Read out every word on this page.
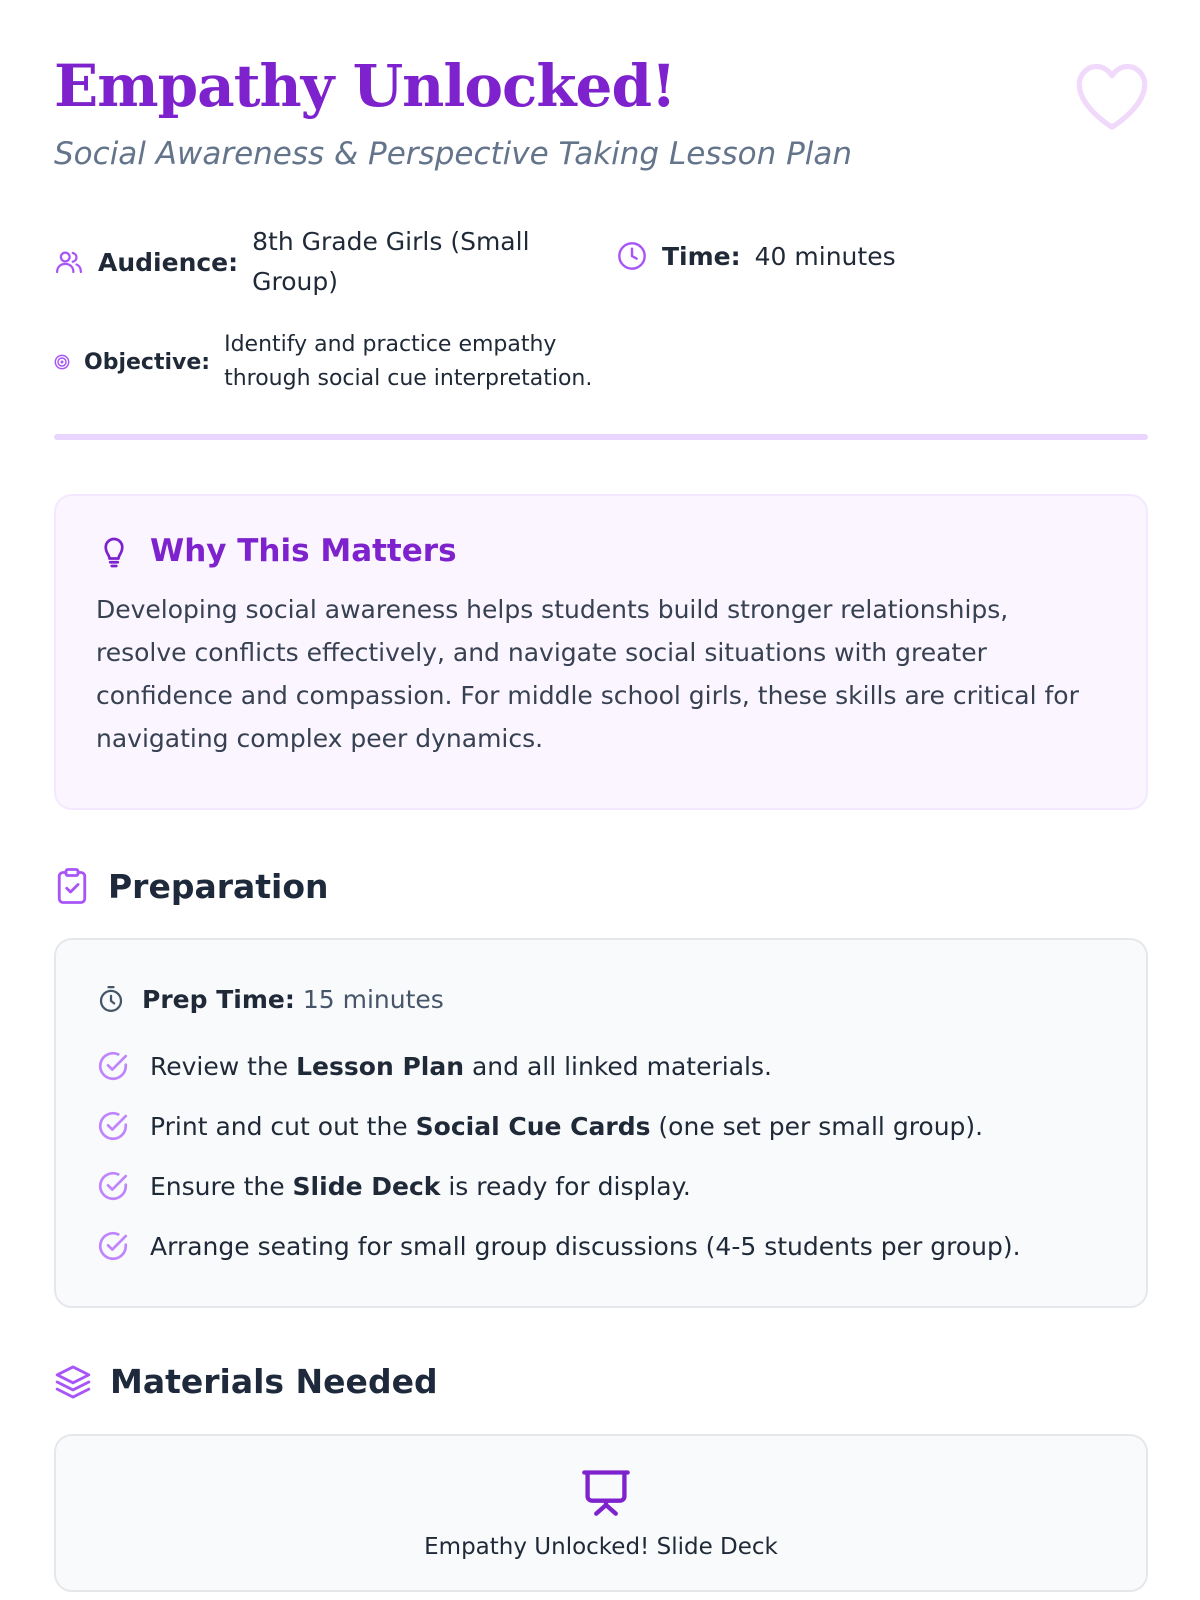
Empathy Unlocked!
Social Awareness & Perspective Taking Lesson Plan
Audience:
8th Grade Girls (Small Group)
Time: 40 minutes
Objective:
Identify and practice empathy through social cue interpretation.
Why This Matters

Developing social awareness helps students build stronger relationships, resolve conflicts effectively, and navigate social situations with greater confidence and compassion. For middle school girls, these skills are critical for navigating complex peer dynamics.

Preparation
Prep Time: 15 minutes
Review the Lesson Plan and all linked materials.
Print and cut out the Social Cue Cards (one set per small group).
Ensure the Slide Deck is ready for display.
Arrange seating for small group discussions (4-5 students per group).
Materials Needed
Empathy Unlocked! Slide Deck
